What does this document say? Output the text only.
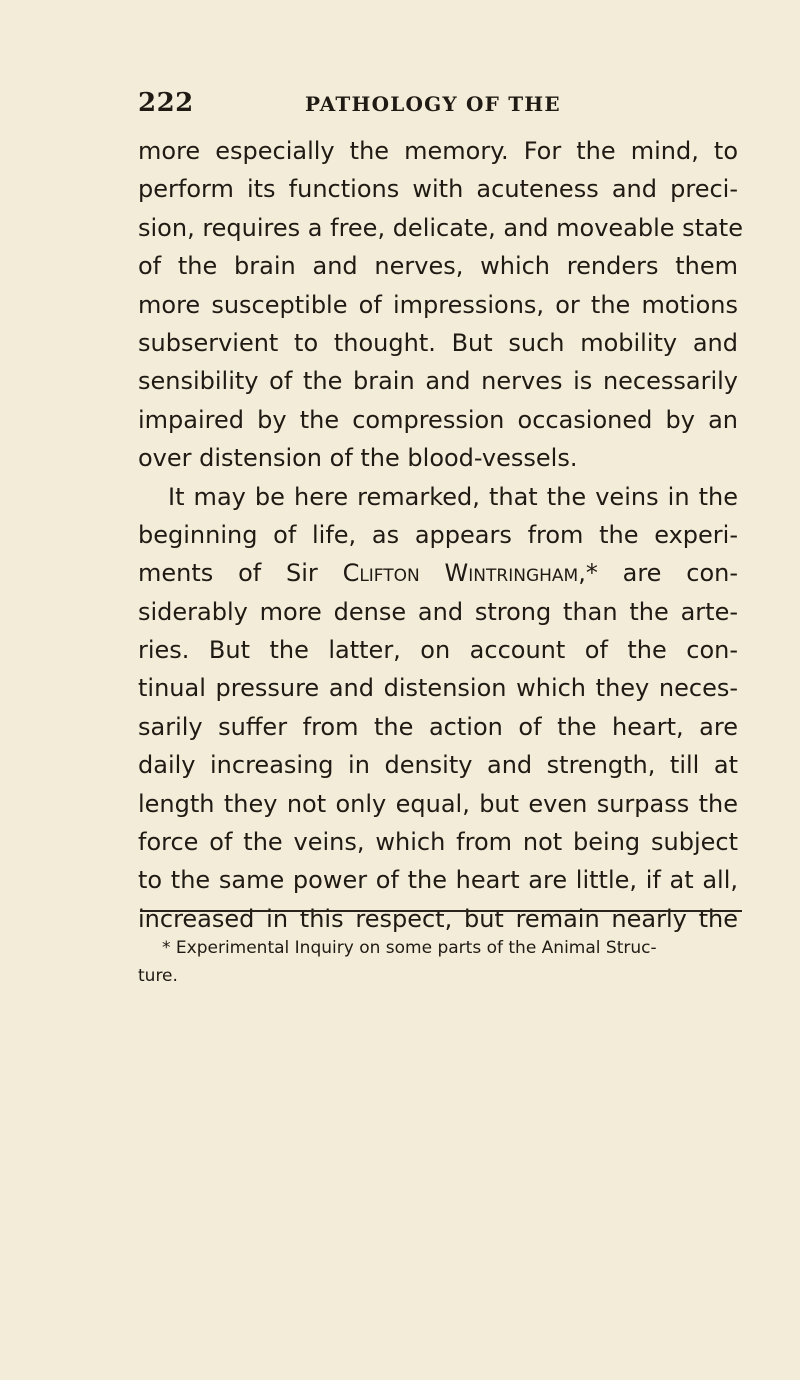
222	PATHOLOGY OF THE
more especially the memory. For the mind, to
perform its functions with acuteness and preci-
sion, requires a free, delicate, and moveable state
of the brain and nerves, which renders them
more susceptible of impressions, or the motions
subservient to thought. But such mobility and
sensibility of the brain and nerves is necessarily
impaired by the compression occasioned by an
over distension of the blood-vessels.
It may be here remarked, that the veins in the
beginning of life, as appears from the experi-
ments of Sir Clifton Wintringham,* are con-
siderably more dense and strong than the arte-
ries. But the latter, on account of the con-
tinual pressure and distension which they neces-
sarily suffer from the action of the heart, are
daily increasing in density and strength, till at
length they not only equal, but even surpass the
force of the veins, which from not being subject
to the same power of the heart are little, if at all,
increased in this respect, but remain nearly the
* Experimental Inquiry on some parts of the Animal Struc-
ture.
